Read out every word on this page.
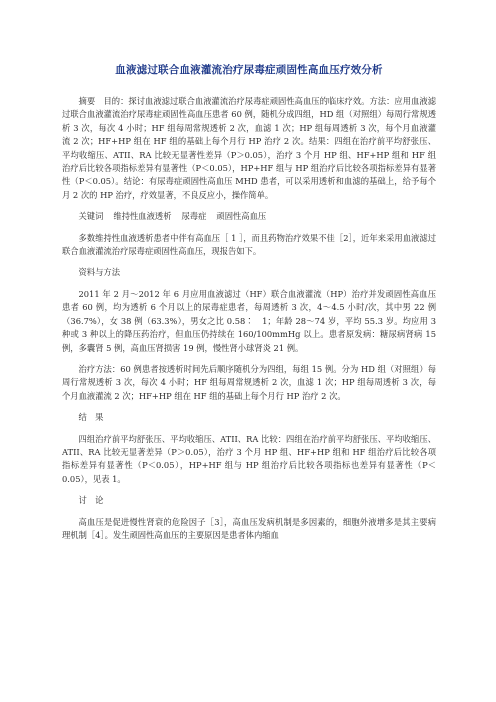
血液滤过联合血液灌流治疗尿毒症顽固性高血压疗效分析

摘要　目的：探讨血液滤过联合血液灌流治疗尿毒症顽固性高血压的临床疗效。方法：应用血液滤过联合血液灌流治疗尿毒症顽固性高血压患者 60 例，随机分成四组，HD 组（对照组）每周行常规透析 3 次，每次 4 小时；HF 组每周常规透析 2 次，血滤 1 次；HP 组每周透析 3 次，每个月血液灌流 2 次；HF+HP 组在 HF 组的基础上每个月行 HP 治疗 2 次。结果：四组在治疗前平均舒张压、平均收缩压、ATII、RA 比较无显著性差异（P＞0.05），治疗 3 个月 HP 组、HF+HP 组和 HF 组治疗后比较各项指标差异有显著性（P＜0.05），HP+HF 组与 HP 组治疗后比较各项指标差异有显著性（P＜0.05）。结论：有尿毒症顽固性高血压 MHD 患者，可以采用透析和血滤的基础上，给予每个月 2 次的 HP 治疗，疗效显著，不良反应小，操作简单。

关键词 维持性血液透析 尿毒症 顽固性高血压

多数维持性血液透析患者中伴有高血压［ 1 ］，而且药物治疗效果不佳［2］，近年来采用血液滤过联合血液灌流治疗尿毒症顽固性高血压，现报告如下。

资料与方法

2011 年 2 月～2012 年 6 月应用血液滤过（HF）联合血液灌流（HP）治疗并发顽固性高血压患者 60 例，均为透析 6 个月以上的尿毒症患者，每周透析 3 次，4～4.5 小时/次，其中男 22 例（36.7%），女 38 例（63.3%），男女之比 0.58∶　1；年龄 28～74 岁，平均 55.3 岁。均应用 3 种或 3 种以上的降压药治疗，但血压仍持续在 160/100mmHg 以上。患者原发病：糖尿病肾病 15 例，多囊肾 5 例，高血压肾损害 19 例，慢性肾小球肾炎 21 例。

治疗方法：60 例患者按透析时间先后顺序随机分为四组，每组 15 例。分为 HD 组（对照组）每周行常规透析 3 次，每次 4 小时；HF 组每周常规透析 2 次，血滤 1 次；HP 组每周透析 3 次，每个月血液灌流 2 次；HF+HP 组在 HF 组的基础上每个月行 HP 治疗 2 次。

结　果

四组治疗前平均舒张压、平均收缩压、ATII、RA 比较：四组在治疗前平均舒张压、平均收缩压、ATII、RA 比较无显著差异（P＞0.05），治疗 3 个月 HP 组、HF+HP 组和 HF 组治疗后比较各项指标差异有显著性（P＜0.05），HP+HF 组与 HP 组治疗后比较各项指标也差异有显著性（P＜0.05），见表 1。

讨　论

高血压是促进慢性肾衰的危险因子［3］，高血压发病机制是多因素的，细胞外液增多是其主要病理机制［4］。发生顽固性高血压的主要原因是患者体内缩血
